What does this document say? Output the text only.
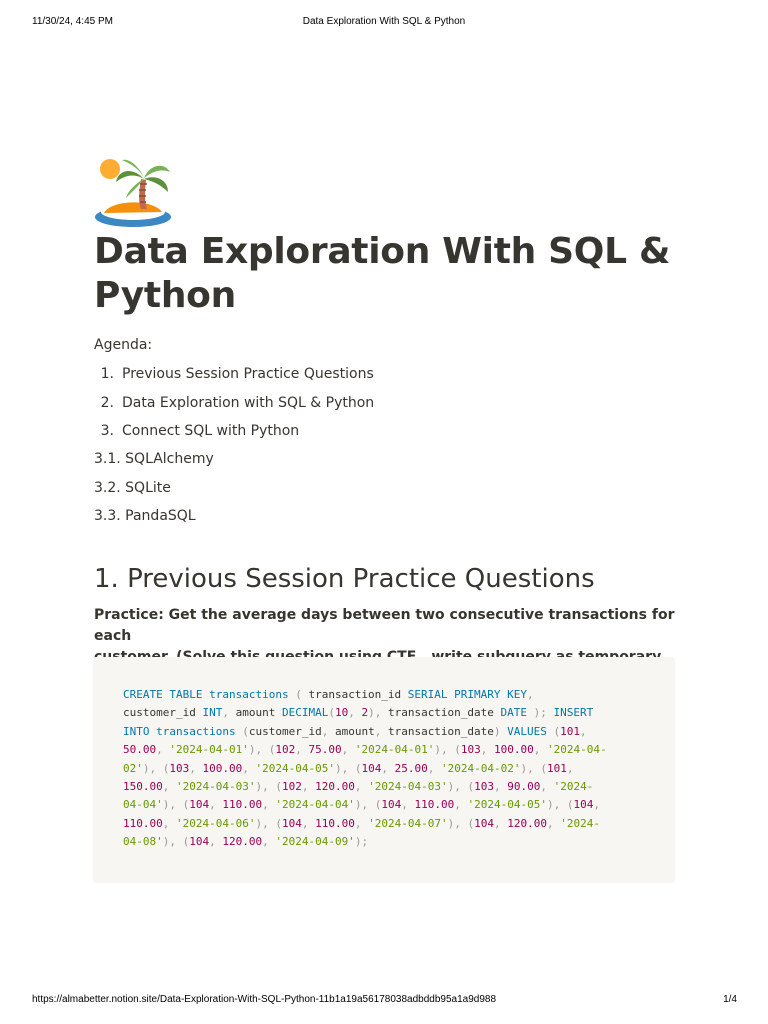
11/30/24, 4:45 PM	Data Exploration With SQL & Python
Data Exploration With SQL & Python

Agenda:

1. Previous Session Practice Questions
2. Data Exploration with SQL & Python
3. Connect SQL with Python
3.1. SQLAlchemy
3.2. SQLite
3.3. PandaSQL
1. Previous Session Practice Questions

Practice: Get the average days between two consecutive transactions for each

CREATE TABLE transactions ( transaction_id SERIAL PRIMARY KEY,
customer_id INT, amount DECIMAL(10, 2), transaction_date DATE ); INSERT
INTO transactions (customer_id, amount, transaction_date) VALUES (101,
50.00, '2024-04-01'), (102, 75.00, '2024-04-01'), (103, 100.00, '2024-04-
02'), (103, 100.00, '2024-04-05'), (104, 25.00, '2024-04-02'), (101,
150.00, '2024-04-03'), (102, 120.00, '2024-04-03'), (103, 90.00, '2024-
04-04'), (104, 110.00, '2024-04-04'), (104, 110.00, '2024-04-05'), (104,
110.00, '2024-04-06'), (104, 110.00, '2024-04-07'), (104, 120.00, '2024-
04-08'), (104, 120.00, '2024-04-09');
https://almabetter.notion.site/Data-Exploration-With-SQL-Python-11b1a19a56178038adbddb95a1a9d988	1/4
